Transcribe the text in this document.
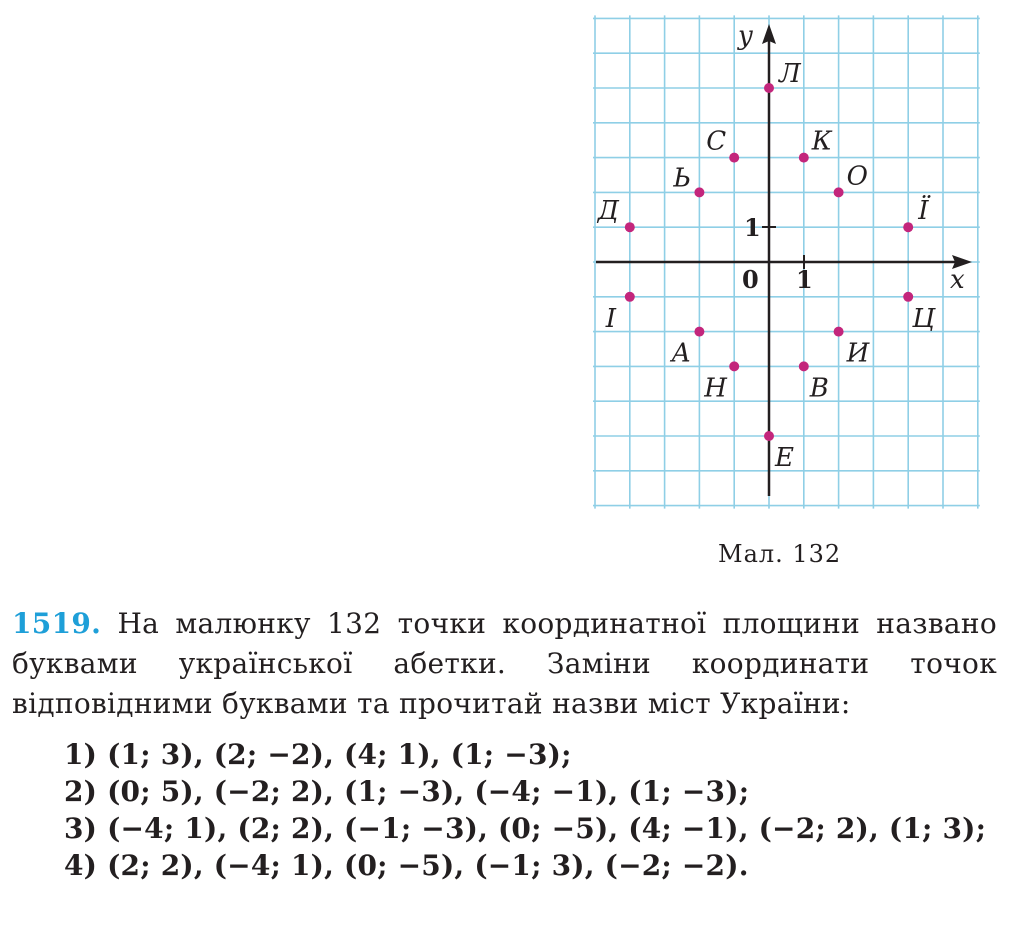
x
y
0 1
1
Л
С	К
Ь	О
Д	Ї
І	Ц
А	И
Н	В
Е
Мал. 132

1519. На малюнку 132 точки координатної площини названо буквами української абетки. Заміни координати точок відповідними буквами та прочитай назви міст України:

1) (1; 3), (2; −2), (4; 1), (1; −3);
2) (0; 5), (−2; 2), (1; −3), (−4; −1), (1; −3);
3) (−4; 1), (2; 2), (−1; −3), (0; −5), (4; −1), (−2; 2), (1; 3);
4) (2; 2), (−4; 1), (0; −5), (−1; 3), (−2; −2).
